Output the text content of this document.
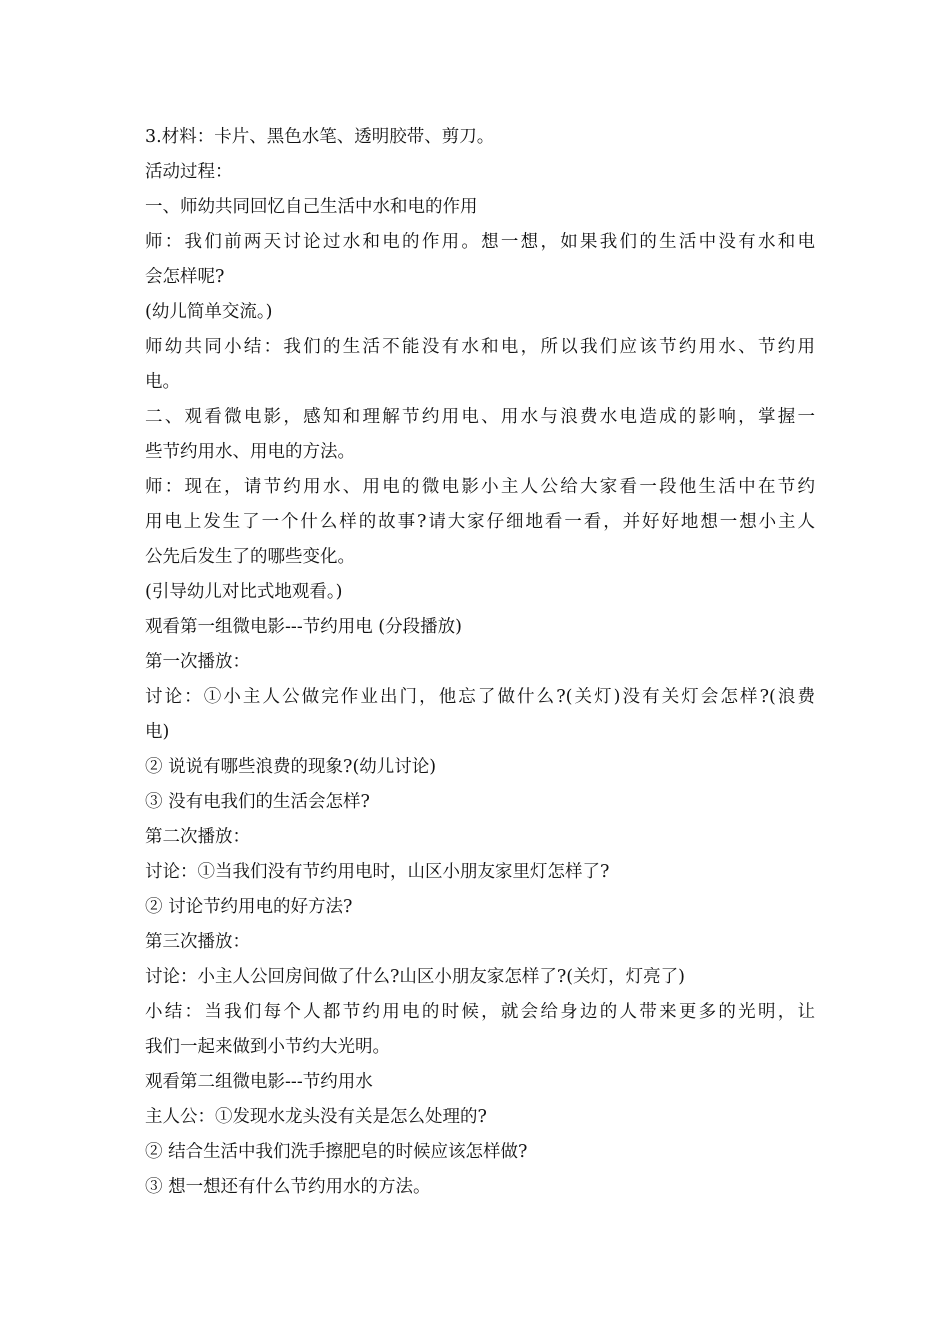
3.材料：卡片、黑色水笔、透明胶带、剪刀。
活动过程：
一、师幼共同回忆自己生活中水和电的作用
师：我们前两天讨论过水和电的作用。想一想，如果我们的生活中没有水和电
会怎样呢?
(幼儿简单交流。)
师幼共同小结：我们的生活不能没有水和电，所以我们应该节约用水、节约用
电。
二、观看微电影，感知和理解节约用电、用水与浪费水电造成的影响，掌握一
些节约用水、用电的方法。
师：现在，请节约用水、用电的微电影小主人公给大家看一段他生活中在节约
用电上发生了一个什么样的故事?请大家仔细地看一看，并好好地想一想小主人
公先后发生了的哪些变化。
(引导幼儿对比式地观看。)
观看第一组微电影---节约用电 (分段播放)
第一次播放：
讨论：①小主人公做完作业出门，他忘了做什么?(关灯)没有关灯会怎样?(浪费
电)
② 说说有哪些浪费的现象?(幼儿讨论)
③ 没有电我们的生活会怎样?
第二次播放：
讨论：①当我们没有节约用电时，山区小朋友家里灯怎样了?
② 讨论节约用电的好方法?
第三次播放：
讨论：小主人公回房间做了什么?山区小朋友家怎样了?(关灯，灯亮了)
小结：当我们每个人都节约用电的时候，就会给身边的人带来更多的光明，让
我们一起来做到小节约大光明。
观看第二组微电影---节约用水
主人公：①发现水龙头没有关是怎么处理的?
② 结合生活中我们洗手擦肥皂的时候应该怎样做?
③ 想一想还有什么节约用水的方法。
